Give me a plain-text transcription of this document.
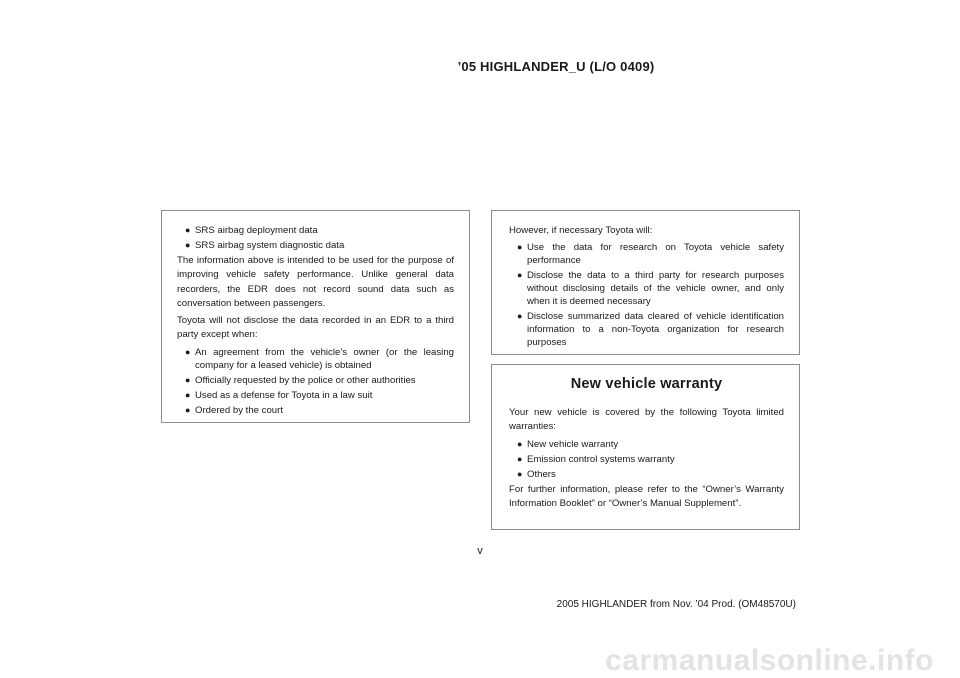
’05 HIGHLANDER_U (L/O 0409)
● SRS airbag deployment data
● SRS airbag system diagnostic data

The information above is intended to be used for the purpose of improving vehicle safety performance. Unlike general data recorders, the EDR does not record sound data such as conversation between passengers.

Toyota will not disclose the data recorded in an EDR to a third party except when:

● An agreement from the vehicle’s owner (or the leasing company for a leased vehicle) is obtained
● Officially requested by the police or other authorities
● Used as a defense for Toyota in a law suit
● Ordered by the court

However, if necessary Toyota will:

● Use the data for research on Toyota vehicle safety performance
● Disclose the data to a third party for research purposes without disclosing details of the vehicle owner, and only when it is deemed necessary
● Disclose summarized data cleared of vehicle identification information to a non-Toyota organization for research purposes
New vehicle warranty

Your new vehicle is covered by the following Toyota limited warranties:

● New vehicle warranty
● Emission control systems warranty
● Others

For further information, please refer to the “Owner’s Warranty Information Booklet” or “Owner’s Manual Supplement”.

v
2005 HIGHLANDER from Nov. ’04 Prod. (OM48570U)
carmanualsonline.info
